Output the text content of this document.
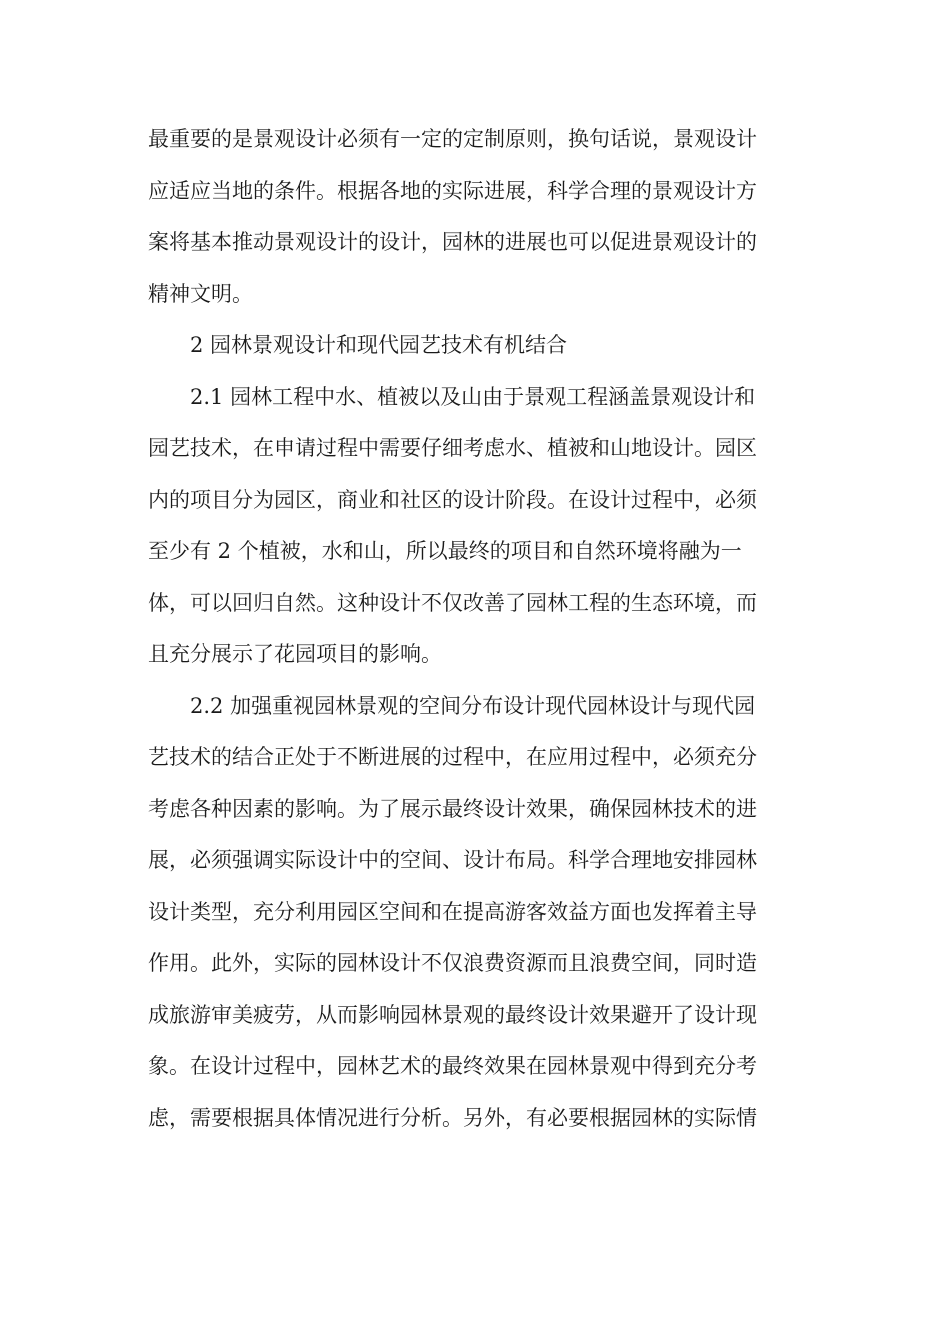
最重要的是景观设计必须有一定的定制原则，换句话说，景观设计
应适应当地的条件。根据各地的实际进展，科学合理的景观设计方
案将基本推动景观设计的设计，园林的进展也可以促进景观设计的
精神文明。
2 园林景观设计和现代园艺技术有机结合
2.1 园林工程中水、植被以及山由于景观工程涵盖景观设计和
园艺技术，在申请过程中需要仔细考虑水、植被和山地设计。园区
内的项目分为园区，商业和社区的设计阶段。在设计过程中，必须
至少有 2 个植被，水和山，所以最终的项目和自然环境将融为一
体，可以回归自然。这种设计不仅改善了园林工程的生态环境，而
且充分展示了花园项目的影响。
2.2 加强重视园林景观的空间分布设计现代园林设计与现代园
艺技术的结合正处于不断进展的过程中，在应用过程中，必须充分
考虑各种因素的影响。为了展示最终设计效果，确保园林技术的进
展，必须强调实际设计中的空间、设计布局。科学合理地安排园林
设计类型，充分利用园区空间和在提高游客效益方面也发挥着主导
作用。此外，实际的园林设计不仅浪费资源而且浪费空间，同时造
成旅游审美疲劳，从而影响园林景观的最终设计效果避开了设计现
象。在设计过程中，园林艺术的最终效果在园林景观中得到充分考
虑，需要根据具体情况进行分析。另外，有必要根据园林的实际情
